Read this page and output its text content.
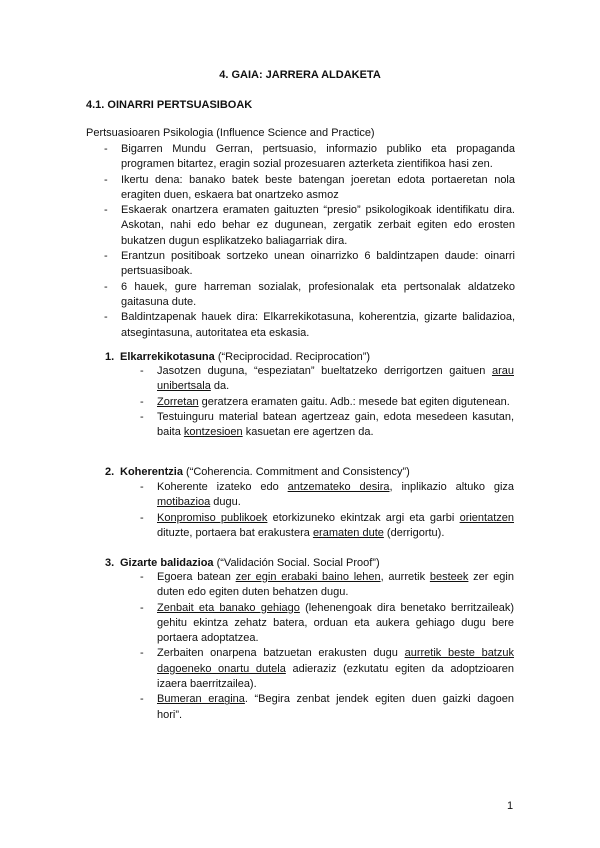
4. GAIA: JARRERA ALDAKETA
4.1. OINARRI PERTSUASIBOAK
Pertsuasioaren Psikologia (Influence Science and Practice)
- Bigarren Mundu Gerran, pertsuasio, informazio publiko eta propaganda programen bitartez, eragin sozial prozesuaren azterketa zientifikoa hasi zen.
- Ikertu dena: banako batek beste batengan joeretan edota portaeretan nola eragiten duen, eskaera bat onartzeko asmoz
- Eskaerak onartzera eramaten gaituzten “presio” psikologikoak identifikatu dira. Askotan, nahi edo behar ez dugunean, zergatik zerbait egiten edo erosten bukatzen dugun esplikatzeko baliagarriak dira.
- Erantzun positiboak sortzeko unean oinarrizko 6 baldintzapen daude: oinarri pertsuasiboak.
- 6 hauek, gure harreman sozialak, profesionalak eta pertsonalak aldatzeko gaitasuna dute.
- Baldintzapenak hauek dira: Elkarrekikotasuna, koherentzia, gizarte balidazioa, atsegintasuna, autoritatea eta eskasia.
1. Elkarrekikotasuna (“Reciprocidad. Reciprocation”)
- Jasotzen duguna, “espeziatan” bueltatzeko derrigortzen gaituen arau unibertsala da.
- Zorretan geratzera eramaten gaitu. Adb.: mesede bat egiten digutenean.
- Testuinguru material batean agertzeaz gain, edota mesedeen kasutan, baita kontzesioen kasuetan ere agertzen da.
2. Koherentzia (“Coherencia. Commitment and Consistency”)
- Koherente izateko edo antzemateko desira, inplikazio altuko giza motibazioa dugu.
- Konpromiso publikoek etorkizuneko ekintzak argi eta garbi orientatzen dituzte, portaera bat erakustera eramaten dute (derrigortu).
3. Gizarte balidazioa (“Validación Social. Social Proof”)
- Egoera batean zer egin erabaki baino lehen, aurretik besteek zer egin duten edo egiten duten behatzen dugu.
- Zenbait eta banako gehiago (lehenengoak dira benetako berritzaileak) gehitu ekintza zehatz batera, orduan eta aukera gehiago dugu bere portaera adoptatzea.
- Zerbaiten onarpena batzuetan erakusten dugu aurretik beste batzuk dagoeneko onartu dutela adieraziz (ezkutatu egiten da adoptzioaren izaera baerritzailea).
- Bumeran eragina. “Begira zenbat jendek egiten duen gaizki dagoen hori”.
1
